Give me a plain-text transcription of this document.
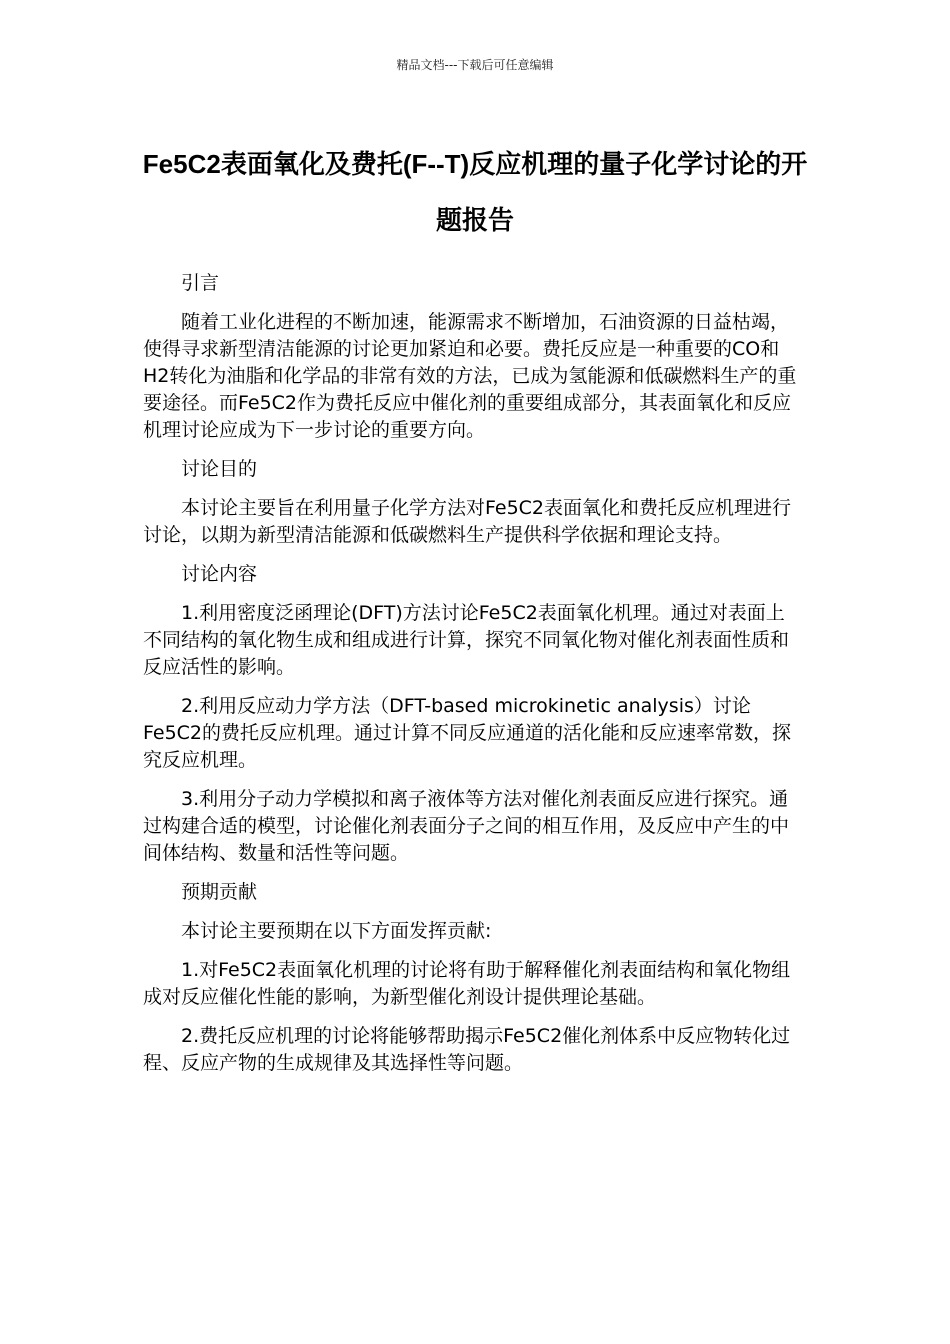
精品文档---下载后可任意编辑
Fe5C2表面氧化及费托(F--T)反应机理的量子化学讨论的开题报告

引言

随着工业化进程的不断加速，能源需求不断增加，石油资源的日益枯竭，使得寻求新型清洁能源的讨论更加紧迫和必要。费托反应是一种重要的CO和H2转化为油脂和化学品的非常有效的方法，已成为氢能源和低碳燃料生产的重要途径。而Fe5C2作为费托反应中催化剂的重要组成部分，其表面氧化和反应机理讨论应成为下一步讨论的重要方向。

讨论目的

本讨论主要旨在利用量子化学方法对Fe5C2表面氧化和费托反应机理进行讨论，以期为新型清洁能源和低碳燃料生产提供科学依据和理论支持。

讨论内容

1.利用密度泛函理论(DFT)方法讨论Fe5C2表面氧化机理。通过对表面上不同结构的氧化物生成和组成进行计算，探究不同氧化物对催化剂表面性质和反应活性的影响。

2.利用反应动力学方法（DFT-based microkinetic analysis）讨论Fe5C2的费托反应机理。通过计算不同反应通道的活化能和反应速率常数，探究反应机理。

3.利用分子动力学模拟和离子液体等方法对催化剂表面反应进行探究。通过构建合适的模型，讨论催化剂表面分子之间的相互作用，及反应中产生的中间体结构、数量和活性等问题。

预期贡献

本讨论主要预期在以下方面发挥贡献:

1.对Fe5C2表面氧化机理的讨论将有助于解释催化剂表面结构和氧化物组成对反应催化性能的影响，为新型催化剂设计提供理论基础。

2.费托反应机理的讨论将能够帮助揭示Fe5C2催化剂体系中反应物转化过程、反应产物的生成规律及其选择性等问题。
